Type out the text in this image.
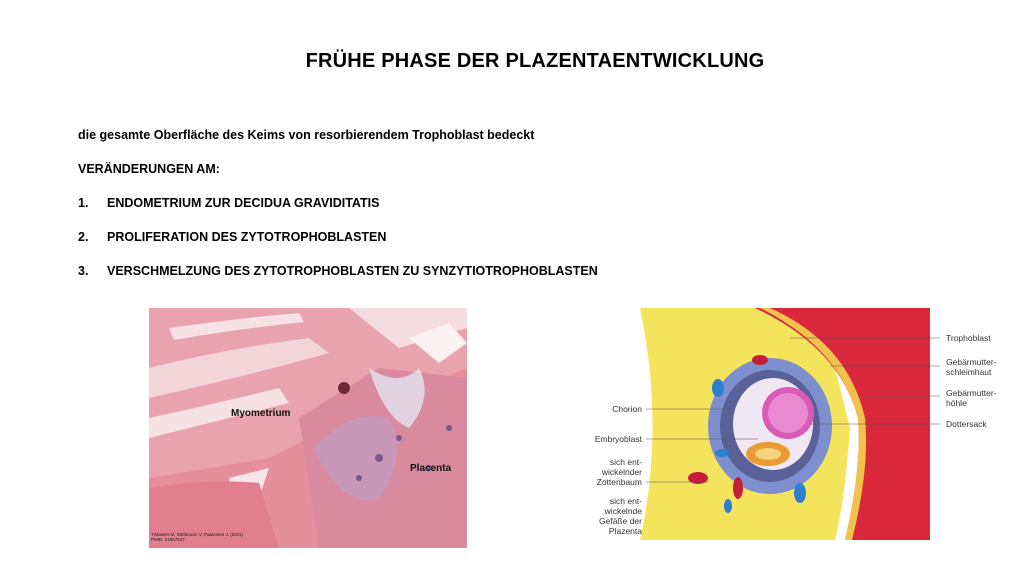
FRÜHE PHASE DER PLAZENTAENTWICKLUNG
die gesamte Oberfläche des Keims von resorbierendem Trophoblast bedeckt
VERÄNDERUNGEN AM:
1.	ENDOMETRIUM ZUR DECIDUA GRAVIDITATIS
2.	PROLIFERATION DES ZYTOTROPHOBLASTEN
3.	VERSCHMELZUNG DES ZYTOTROPHOBLASTEN ZU SYNZYTIOTROPHOBLASTEN
Myometrium
Placenta
Tikkanen M, Stefanovic V, Paavonen J. (2011)
PMID: 21867547
Trophoblast
Gebärmutter-
schleimhaut
Gebärmutter-
höhle
Dottersack
Chorion
Embryoblast
sich ent-
wickelnder
Zottenbaum
sich ent-
wickelnde
Gefäße der
Plazenta
